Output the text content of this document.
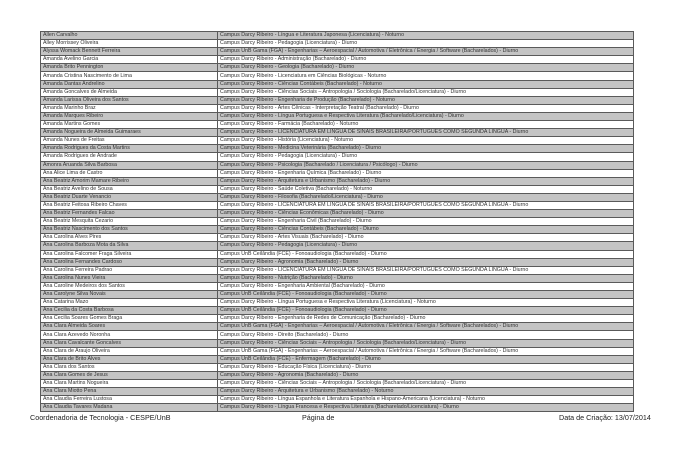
Allen Carvalho	Campus Darcy Ribeiro - Língua e Literatura Japonesa (Licenciatura) - Noturno
Alley Morrissey Oliveira	Campus Darcy Ribeiro - Pedagogia (Licenciatura) - Diurno
Alyssa Womack Bennett Ferreira	Campus UnB Gama (FGA) - Engenharias – Aeroespacial / Automotiva / Eletrônica / Energia / Software (Bacharelados) - Diurno
Amanda Avelino Garcia	Campus Darcy Ribeiro - Administração (Bacharelado) - Diurno
Amanda Brito Pennington	Campus Darcy Ribeiro - Geologia (Bacharelado) - Diurno
Amanda Cristina Nascimento de Lima	Campus Darcy Ribeiro - Licenciatura em Ciências Biológicas - Noturno
Amanda Dantas Andrelino	Campus Darcy Ribeiro - Ciências Contábeis (Bacharelado) - Noturno
Amanda Goncalves de Almeida	Campus Darcy Ribeiro - Ciências Sociais – Antropologia / Sociologia (Bacharelado/Licenciatura) - Diurno
Amanda Larissa Oliveira dos Santos	Campus Darcy Ribeiro - Engenharia de Produção (Bacharelado) - Noturno
Amanda Marinho Braz	Campus Darcy Ribeiro - Artes Cênicas - Interpretação Teatral (Bacharelado) - Diurno
Amanda Marques Ribeiro	Campus Darcy Ribeiro - Língua Portuguesa e Respectiva Literatura (Bacharelado/Licenciatura) - Diurno
Amanda Martins Gomes	Campus Darcy Ribeiro - Farmácia (Bacharelado) - Noturno
Amanda Nogueira de Almeida Guimaraes	Campus Darcy Ribeiro - LICENCIATURA EM LÍNGUA DE SINAIS BRASILEIRA/PORTUGUÊS COMO SEGUNDA LÍNGUA - Diurno
Amanda Nunes de Freitas	Campus Darcy Ribeiro - História (Licenciatura) - Noturno
Amanda Rodrigues da Costa Martins	Campus Darcy Ribeiro - Medicina Veterinária (Bacharelado) - Diurno
Amanda Rodrigues de Andrade	Campus Darcy Ribeiro - Pedagogia (Licenciatura) - Diurno
Amonra Aruanda Silva Barbosa	Campus Darcy Ribeiro - Psicologia (Bacharelado / Licenciatura / Psicólogo) - Diurno
Ana Alice Lima de Castro	Campus Darcy Ribeiro - Engenharia Química (Bacharelado) - Diurno
Ana Beatriz Amorim Mamare Ribeiro	Campus Darcy Ribeiro - Arquitetura e Urbanismo (Bacharelado) - Diurno
Ana Beatriz Avelino de Sousa	Campus Darcy Ribeiro - Saúde Coletiva (Bacharelado) - Noturno
Ana Beatriz Duarte Venancio	Campus Darcy Ribeiro - Filosofia (Bacharelado/Licenciatura) - Diurno
Ana Beatriz Feitosa Ribeiro Chaves	Campus Darcy Ribeiro - LICENCIATURA EM LÍNGUA DE SINAIS BRASILEIRA/PORTUGUÊS COMO SEGUNDA LÍNGUA - Diurno
Ana Beatriz Fernandes Falcao	Campus Darcy Ribeiro - Ciências Econômicas (Bacharelado) - Diurno
Ana Beatriz Mesquita Cezario	Campus Darcy Ribeiro - Engenharia Civil (Bacharelado) - Diurno
Ana Beatriz Nascimento dos Santos	Campus Darcy Ribeiro - Ciências Contábeis (Bacharelado) - Diurno
Ana Carolina Alves Pires	Campus Darcy Ribeiro - Artes Visuais (Bacharelado) - Diurno
Ana Carolina Barboza Mota da Silva	Campus Darcy Ribeiro - Pedagogia (Licenciatura) - Diurno
Ana Carolina Falcomer Fraga Silveira	Campus UnB Ceilândia (FCE) - Fonoaudiologia (Bacharelado) - Diurno
Ana Carolina Fernandes Cardoso	Campus Darcy Ribeiro - Agronomia (Bacharelado) - Diurno
Ana Carolina Ferreira Padrao	Campus Darcy Ribeiro - LICENCIATURA EM LÍNGUA DE SINAIS BRASILEIRA/PORTUGUÊS COMO SEGUNDA LÍNGUA - Diurno
Ana Carolina Nunes Vieira	Campus Darcy Ribeiro - Nutrição (Bacharelado) - Diurno
Ana Caroline Medeiros dos Santos	Campus Darcy Ribeiro - Engenharia Ambiental (Bacharelado) - Diurno
Ana Carolyne Silva Novais	Campus UnB Ceilândia (FCE) - Fonoaudiologia (Bacharelado) - Diurno
Ana Catarina Mazo	Campus Darcy Ribeiro - Língua Portuguesa e Respectiva Literatura (Licenciatura) - Noturno
Ana Cecilia da Costa Barbosa	Campus UnB Ceilândia (FCE) - Fonoaudiologia (Bacharelado) - Diurno
Ana Cecilia Soares Gomes Braga	Campus Darcy Ribeiro - Engenharia de Redes de Comunicação (Bacharelado) - Diurno
Ana Clara Almeida Soares	Campus UnB Gama (FGA) - Engenharias – Aeroespacial / Automotiva / Eletrônica / Energia / Software (Bacharelados) - Diurno
Ana Clara Azevedo Noronha	Campus Darcy Ribeiro - Direito (Bacharelado) - Diurno
Ana Clara Cavalcante Goncalves	Campus Darcy Ribeiro - Ciências Sociais – Antropologia / Sociologia (Bacharelado/Licenciatura) - Diurno
Ana Clara de Araujo Oliveira	Campus UnB Gama (FGA) - Engenharias – Aeroespacial / Automotiva / Eletrônica / Energia / Software (Bacharelados) - Diurno
Ana Clara de Brito Alves	Campus UnB Ceilândia (FCE) - Enfermagem (Bacharelado) - Diurno
Ana Clara dos Santos	Campus Darcy Ribeiro - Educação Física (Licenciatura) - Diurno
Ana Clara Gomes de Jesus	Campus Darcy Ribeiro - Agronomia (Bacharelado) - Diurno
Ana Clara Martins Nogueira	Campus Darcy Ribeiro - Ciências Sociais – Antropologia / Sociologia (Bacharelado/Licenciatura) - Diurno
Ana Clara Miotto Pena	Campus Darcy Ribeiro - Arquitetura e Urbanismo (Bacharelado) - Noturno
Ana Claudia Ferreira Lustosa	Campus Darcy Ribeiro - Língua Espanhola e Literatura Espanhola e Hispano-Americana (Licenciatura) - Noturno
Ana Claudia Tavares Madana	Campus Darcy Ribeiro - Língua Francesa e Respectiva Literatura (Bacharelado/Licenciatura) - Diurno
Coordenadoria de Tecnologia - CESPE/UnB	Página de	Data de Criação: 13/07/2014
